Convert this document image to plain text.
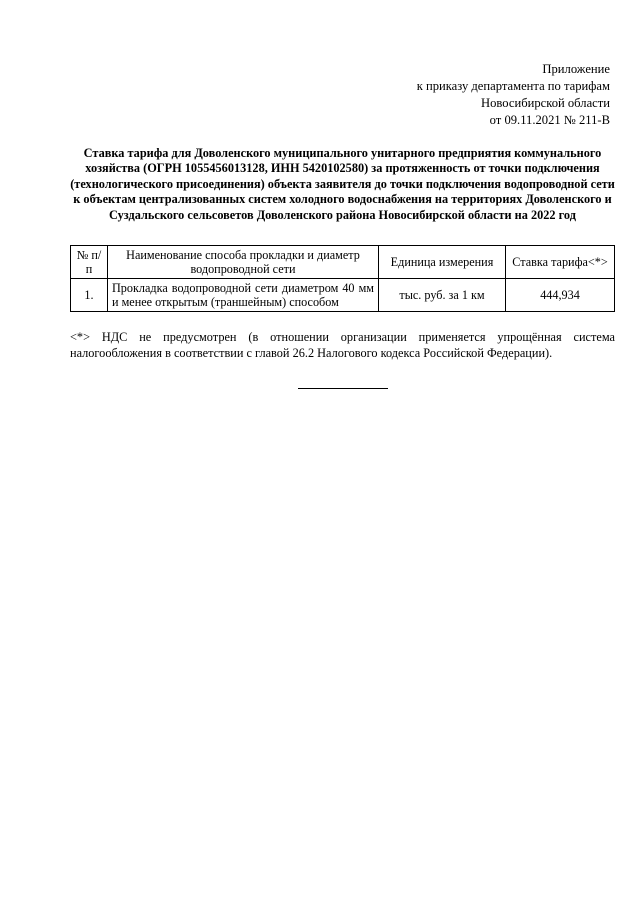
Приложение
к приказу департамента по тарифам
Новосибирской области
от 09.11.2021 № 211-В
Ставка тарифа для Доволенского муниципального унитарного предприятия коммунального хозяйства (ОГРН 1055456013128, ИНН 5420102580) за протяженность от точки подключения (технологического присоединения) объекта заявителя до точки подключения водопроводной сети к объектам централизованных систем холодного водоснабжения на территориях Доволенского и Суздальского сельсоветов Доволенского района Новосибирской области на 2022 год
№ п/п	Наименование способа прокладки и диаметр водопроводной сети	Единица измерения	Ставка тарифа<*>
1.	Прокладка водопроводной сети диаметром 40 мм и менее открытым (траншейным) способом	тыс. руб. за 1 км	444,934
<*> НДС не предусмотрен (в отношении организации применяется упрощённая система налогообложения в соответствии с главой 26.2 Налогового кодекса Российской Федерации).
